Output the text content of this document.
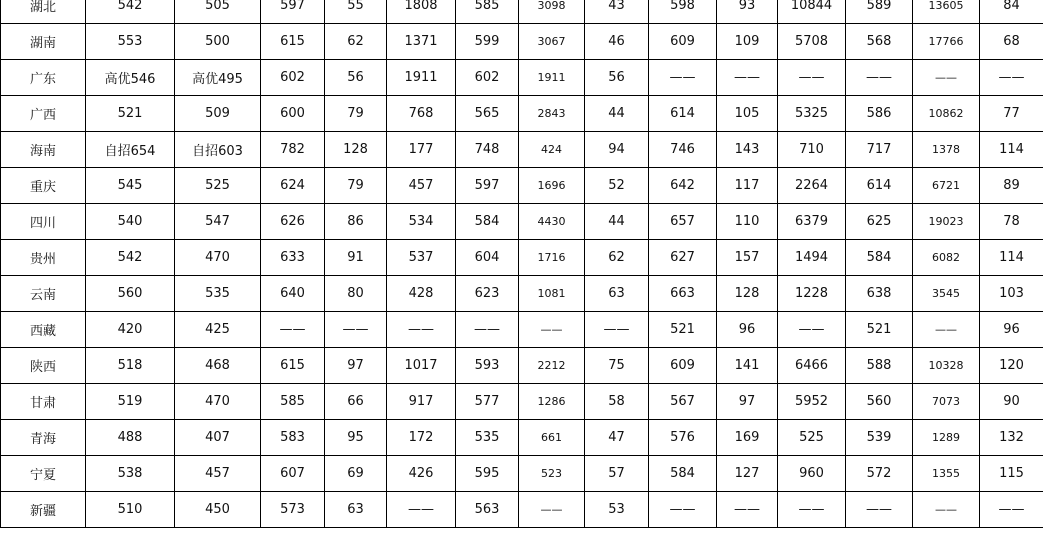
湖北	542	505	597	55	1808	585	3098	43	598	93	10844	589	13605	84
湖南	553	500	615	62	1371	599	3067	46	609	109	5708	568	17766	68
广东	高优546	高优495	602	56	1911	602	1911	56	——	——	——	——	——	——
广西	521	509	600	79	768	565	2843	44	614	105	5325	586	10862	77
海南	自招654	自招603	782	128	177	748	424	94	746	143	710	717	1378	114
重庆	545	525	624	79	457	597	1696	52	642	117	2264	614	6721	89
四川	540	547	626	86	534	584	4430	44	657	110	6379	625	19023	78
贵州	542	470	633	91	537	604	1716	62	627	157	1494	584	6082	114
云南	560	535	640	80	428	623	1081	63	663	128	1228	638	3545	103
西藏	420	425	——	——	——	——	——	——	521	96	——	521	——	96
陕西	518	468	615	97	1017	593	2212	75	609	141	6466	588	10328	120
甘肃	519	470	585	66	917	577	1286	58	567	97	5952	560	7073	90
青海	488	407	583	95	172	535	661	47	576	169	525	539	1289	132
宁夏	538	457	607	69	426	595	523	57	584	127	960	572	1355	115
新疆	510	450	573	63	——	563	——	53	——	——	——	——	——	——
